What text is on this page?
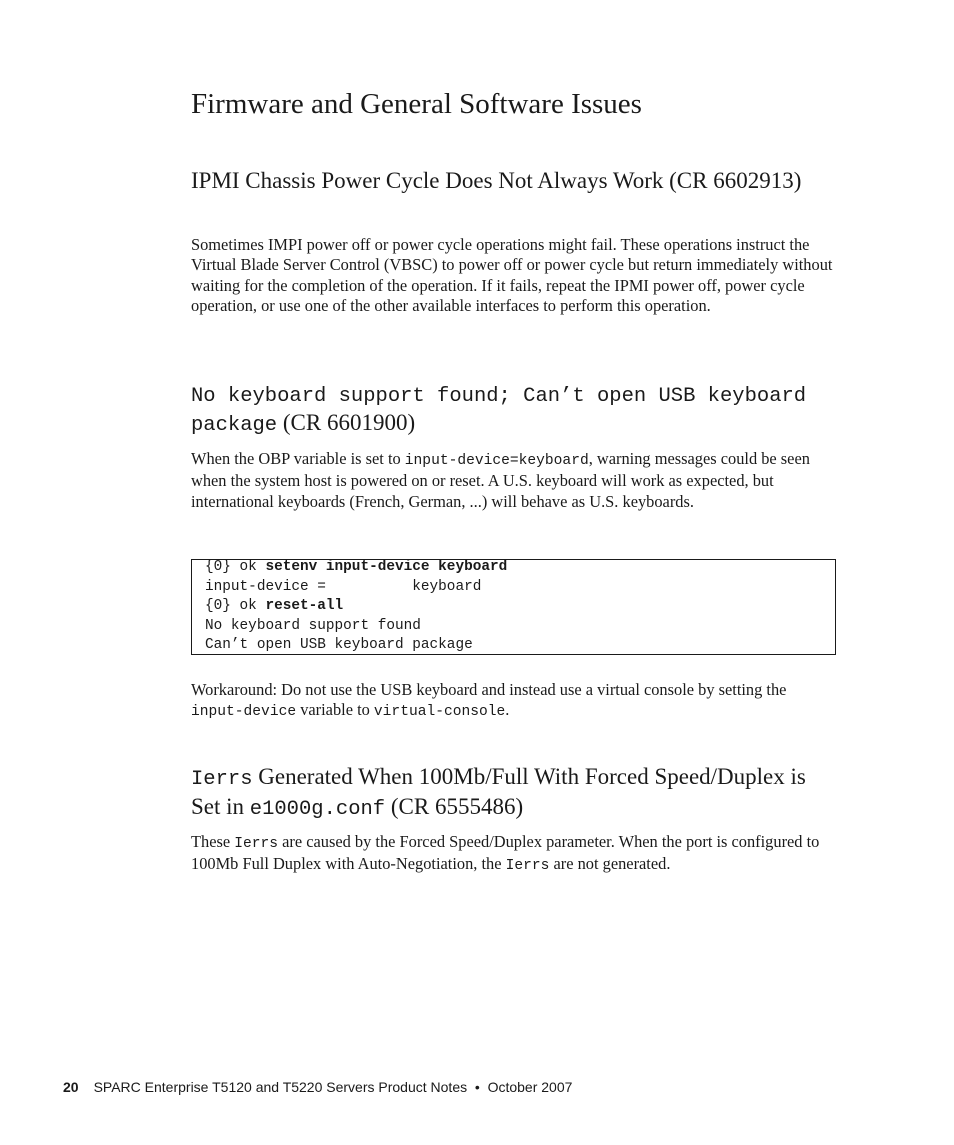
Firmware and General Software Issues
IPMI Chassis Power Cycle Does Not Always Work (CR 6602913)

Sometimes IMPI power off or power cycle operations might fail. These operations instruct the Virtual Blade Server Control (VBSC) to power off or power cycle but return immediately without waiting for the completion of the operation. If it fails, repeat the IPMI power off, power cycle operation, or use one of the other available interfaces to perform this operation.

No keyboard support found; Can’t open USB keyboard package (CR 6601900)

When the OBP variable is set to input-device=keyboard, warning messages could be seen when the system host is powered on or reset. A U.S. keyboard will work as expected, but international keyboards (French, German, ...) will behave as U.S. keyboards.

{0} ok setenv input-device keyboard
input-device =          keyboard
{0} ok reset-all
No keyboard support found
Can’t open USB keyboard package

Workaround: Do not use the USB keyboard and instead use a virtual console by setting the input-device variable to virtual-console.

Ierrs Generated When 100Mb/Full With Forced Speed/Duplex is Set in e1000g.conf (CR 6555486)

These Ierrs are caused by the Forced Speed/Duplex parameter. When the port is configured to 100Mb Full Duplex with Auto-Negotiation, the Ierrs are not generated.

20 SPARC Enterprise T5120 and T5220 Servers Product Notes  •  October 2007
